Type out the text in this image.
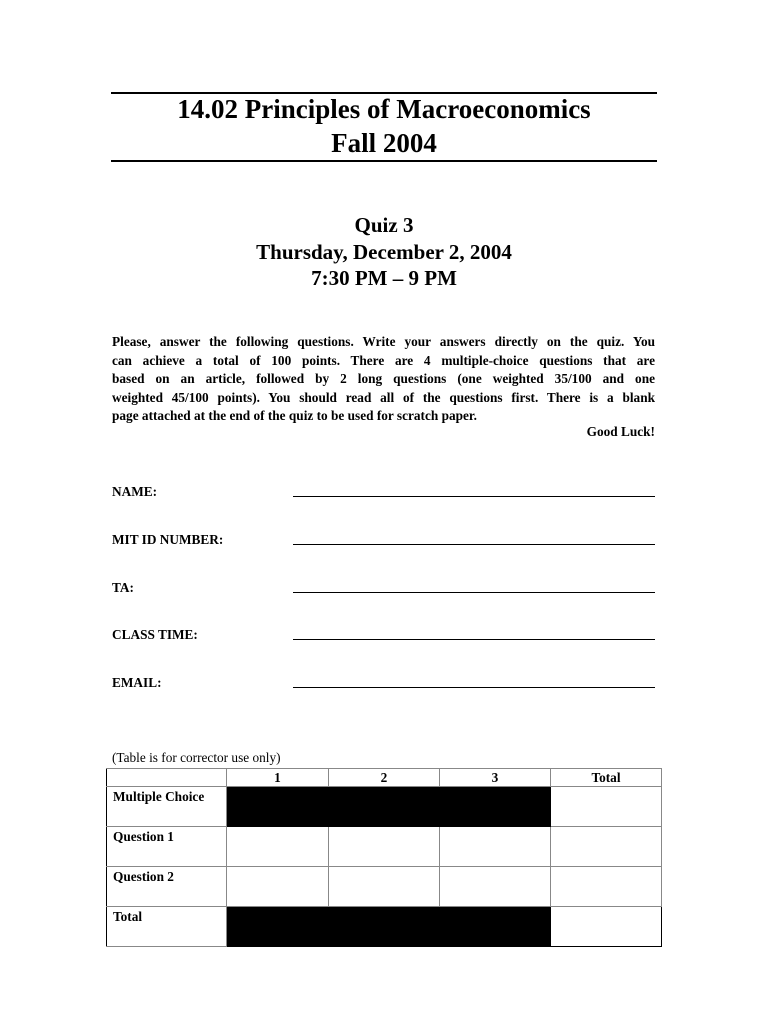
14.02 Principles of Macroeconomics
Fall 2004
Quiz 3
Thursday, December 2, 2004
7:30 PM – 9 PM
Please, answer the following questions. Write your answers directly on the quiz. You
can achieve a total of 100 points. There are 4 multiple-choice questions that are
based on an article, followed by 2 long questions (one weighted 35/100 and one
weighted 45/100 points). You should read all of the questions first. There is a blank
page attached at the end of the quiz to be used for scratch paper.
Good Luck!
NAME:
MIT ID NUMBER:
TA:
CLASS TIME:
EMAIL:
(Table is for corrector use only)
	1	2	3	Total
Multiple Choice				
Question 1				
Question 2				
Total				
